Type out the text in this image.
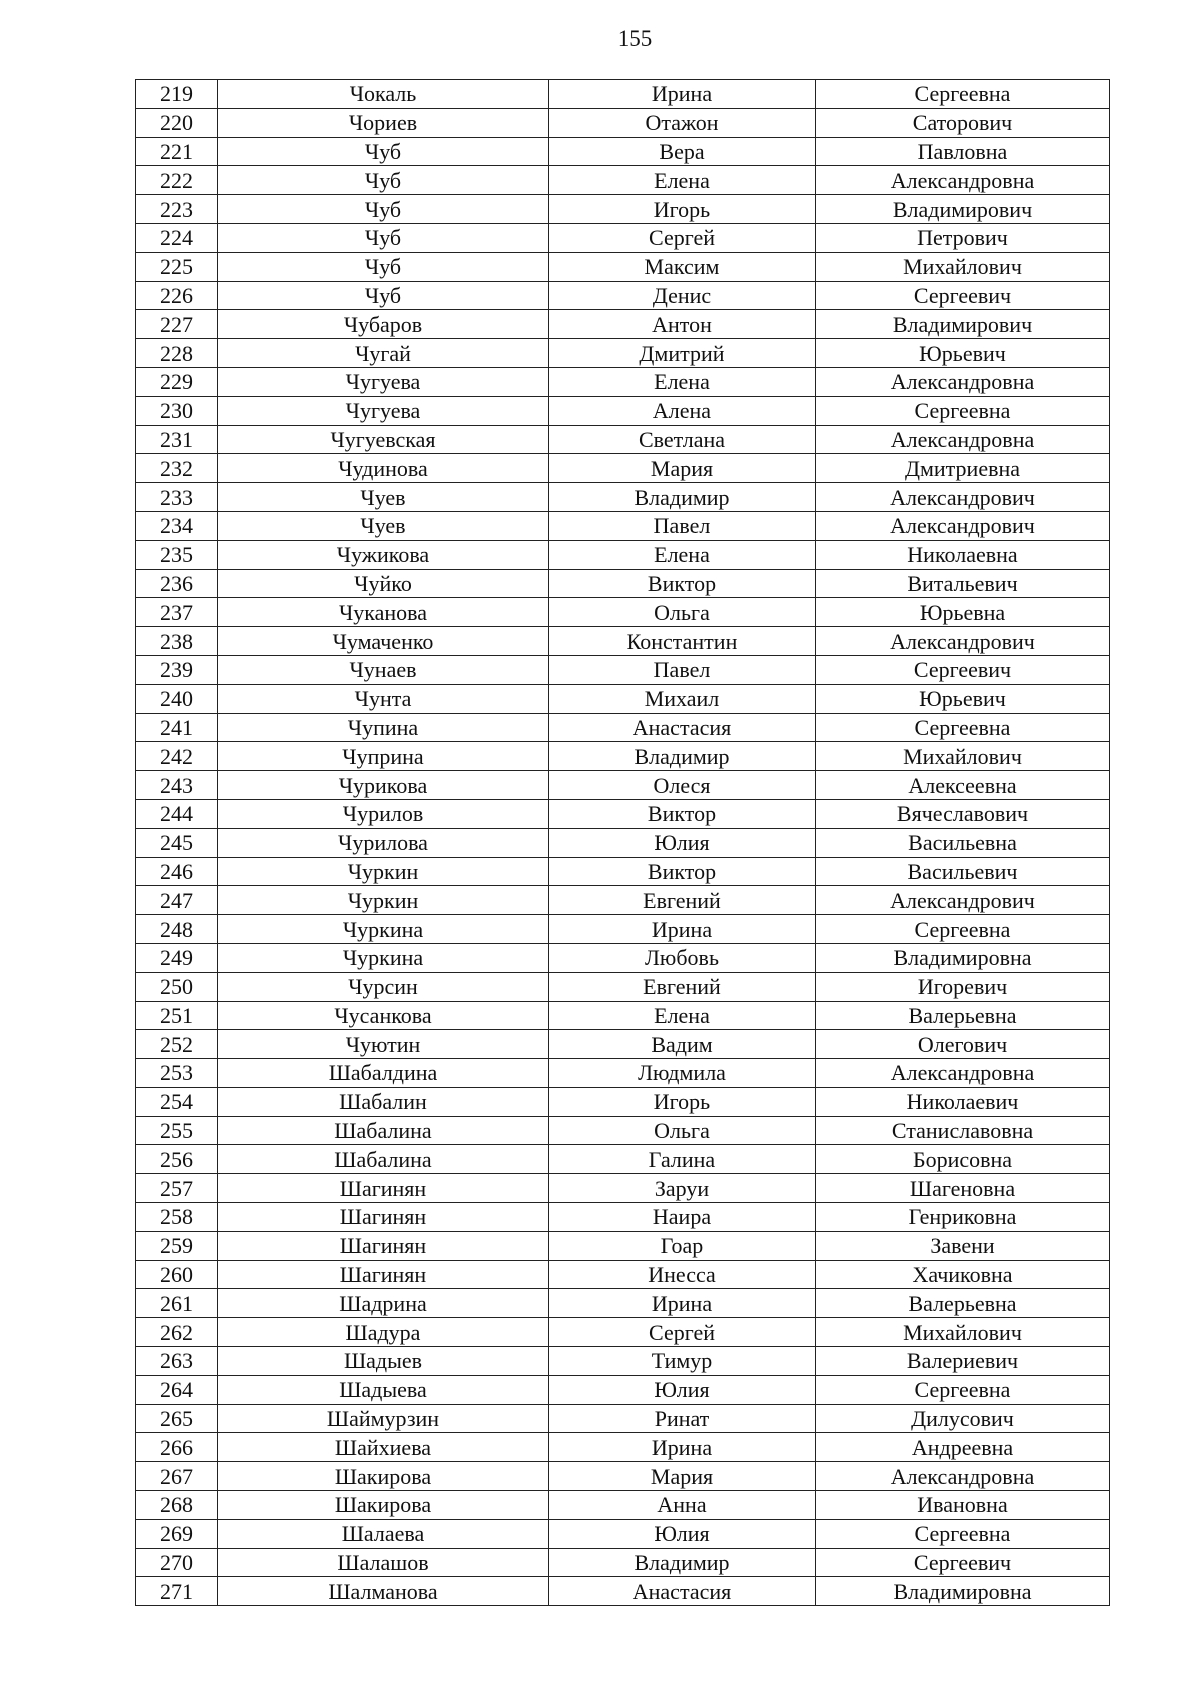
155
219	Чокаль	Ирина	Сергеевна
220	Чориев	Отажон	Саторович
221	Чуб	Вера	Павловна
222	Чуб	Елена	Александровна
223	Чуб	Игорь	Владимирович
224	Чуб	Сергей	Петрович
225	Чуб	Максим	Михайлович
226	Чуб	Денис	Сергеевич
227	Чубаров	Антон	Владимирович
228	Чугай	Дмитрий	Юрьевич
229	Чугуева	Елена	Александровна
230	Чугуева	Алена	Сергеевна
231	Чугуевская	Светлана	Александровна
232	Чудинова	Мария	Дмитриевна
233	Чуев	Владимир	Александрович
234	Чуев	Павел	Александрович
235	Чужикова	Елена	Николаевна
236	Чуйко	Виктор	Витальевич
237	Чуканова	Ольга	Юрьевна
238	Чумаченко	Константин	Александрович
239	Чунаев	Павел	Сергеевич
240	Чунта	Михаил	Юрьевич
241	Чупина	Анастасия	Сергеевна
242	Чуприна	Владимир	Михайлович
243	Чурикова	Олеся	Алексеевна
244	Чурилов	Виктор	Вячеславович
245	Чурилова	Юлия	Васильевна
246	Чуркин	Виктор	Васильевич
247	Чуркин	Евгений	Александрович
248	Чуркина	Ирина	Сергеевна
249	Чуркина	Любовь	Владимировна
250	Чурсин	Евгений	Игоревич
251	Чусанкова	Елена	Валерьевна
252	Чуютин	Вадим	Олегович
253	Шабалдина	Людмила	Александровна
254	Шабалин	Игорь	Николаевич
255	Шабалина	Ольга	Станиславовна
256	Шабалина	Галина	Борисовна
257	Шагинян	Заруи	Шагеновна
258	Шагинян	Наира	Генриковна
259	Шагинян	Гоар	Завени
260	Шагинян	Инесса	Хачиковна
261	Шадрина	Ирина	Валерьевна
262	Шадура	Сергей	Михайлович
263	Шадыев	Тимур	Валериевич
264	Шадыева	Юлия	Сергеевна
265	Шаймурзин	Ринат	Дилусович
266	Шайхиева	Ирина	Андреевна
267	Шакирова	Мария	Александровна
268	Шакирова	Анна	Ивановна
269	Шалаева	Юлия	Сергеевна
270	Шалашов	Владимир	Сергеевич
271	Шалманова	Анастасия	Владимировна
